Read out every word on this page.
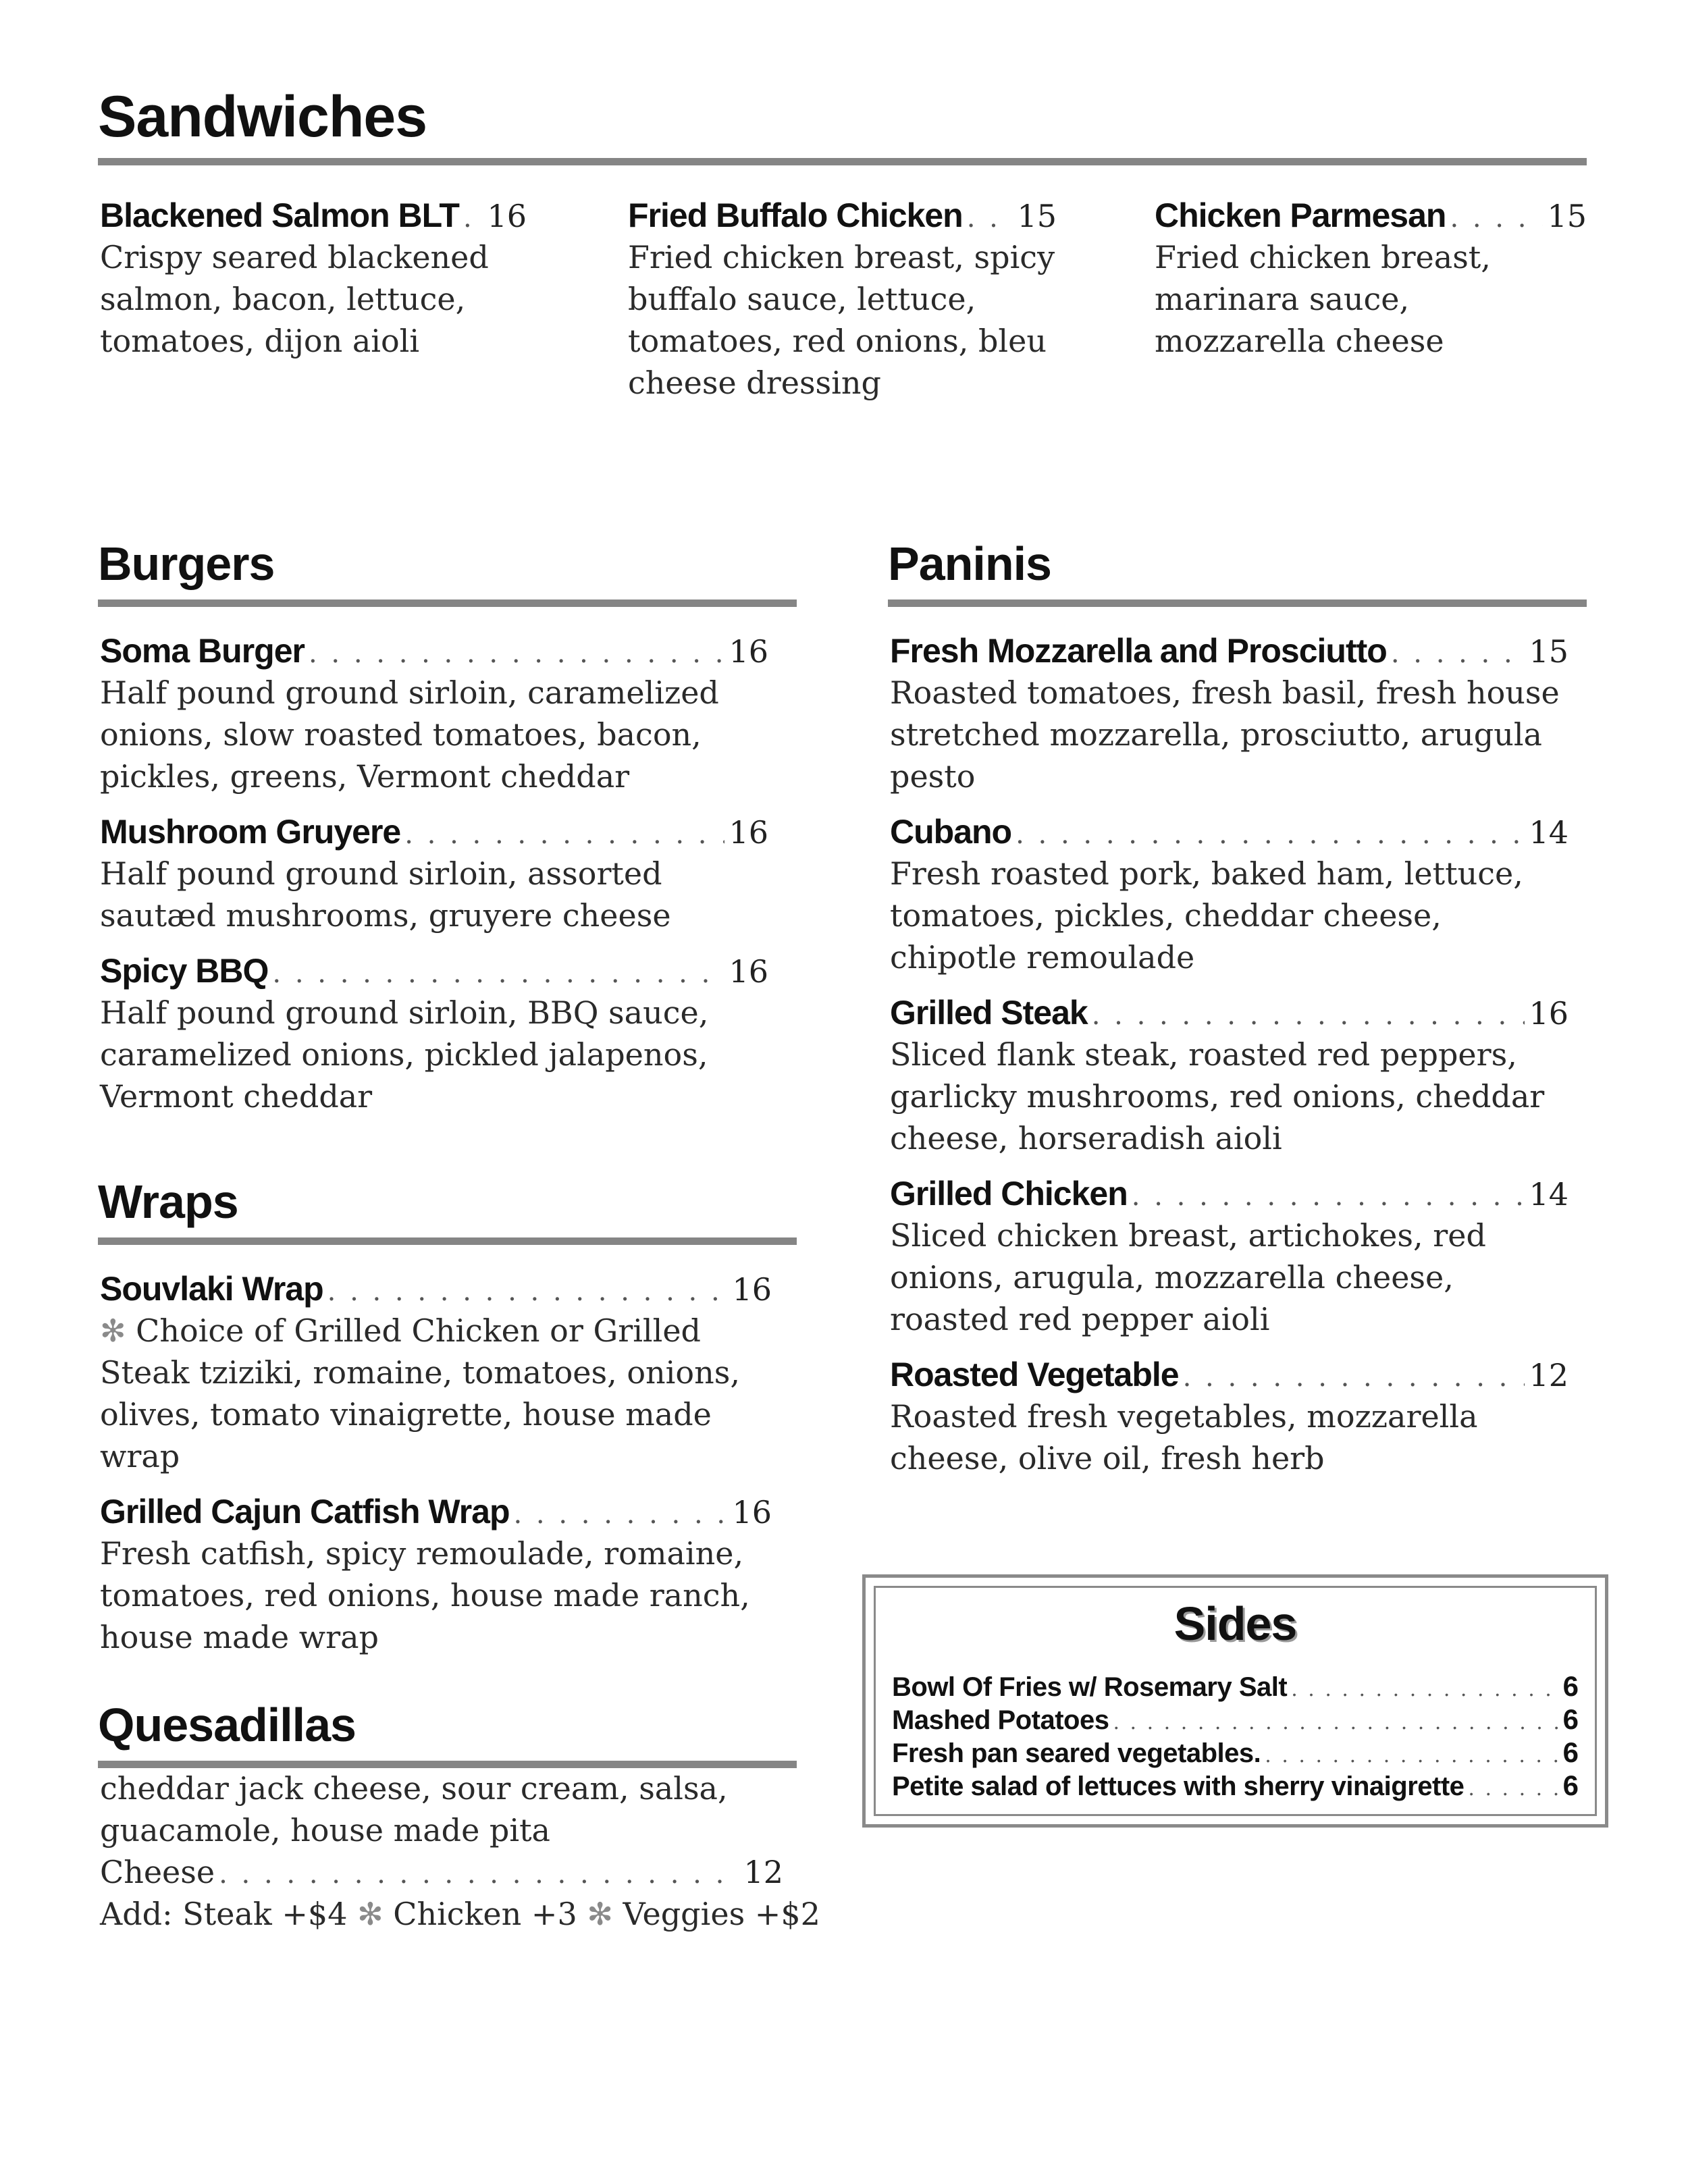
Sandwiches
Blackened Salmon BLT . . . 16

Crispy seared blackened salmon, bacon, lettuce, tomatoes, dijon aioli

Fried Buffalo Chicken . . . 15

Fried chicken breast, spicy buffalo sauce, lettuce, tomatoes, red onions, bleu cheese dressing

Chicken Parmesan . . .	15

Fried chicken breast, marinara sauce, mozzarella cheese

Burgers
Soma Burger . . .	16

Half pound ground sirloin, caramelized onions, slow roasted tomatoes, bacon, pickles, greens, Vermont cheddar

Mushroom Gruyere . . .	16

Half pound ground sirloin, assorted sautæd mushrooms, gruyere cheese

Spicy BBQ . . .	16

Half pound ground sirloin, BBQ sauce, caramelized onions, pickled jalapenos, Vermont cheddar

Wraps
Souvlaki Wrap . . .	16

✻ Choice of Grilled Chicken or Grilled Steak tziziki, romaine, tomatoes, onions, olives, tomato vinaigrette, house made wrap

Grilled Cajun Catfish Wrap . . .	16

Fresh catfish, spicy remoulade, romaine, tomatoes, red onions, house made ranch, house made wrap

Quesadillas

cheddar jack cheese, sour cream, salsa, guacamole, house made pita

Cheese . . .	12

Add: Steak +$4 ✻ Chicken +3 ✻ Veggies +$2

Paninis
Fresh Mozzarella and Prosciutto . . .	15

Roasted tomatoes, fresh basil, fresh house stretched mozzarella, prosciutto, arugula pesto

Cubano . . .	14

Fresh roasted pork, baked ham, lettuce, tomatoes, pickles, cheddar cheese, chipotle remoulade

Grilled Steak . . .	16

Sliced flank steak, roasted red peppers, garlicky mushrooms, red onions, cheddar cheese, horseradish aioli

Grilled Chicken . . .	14

Sliced chicken breast, artichokes, red onions, arugula, mozzarella cheese, roasted red pepper aioli

Roasted Vegetable . . .	12

Roasted fresh vegetables, mozzarella cheese, olive oil, fresh herb

Sides
Bowl Of Fries w/ Rosemary Salt . . .	6
Mashed Potatoes . . .	6
Fresh pan seared vegetables. . . .	6
Petite salad of lettuces with sherry vinaigrette . . .	6
